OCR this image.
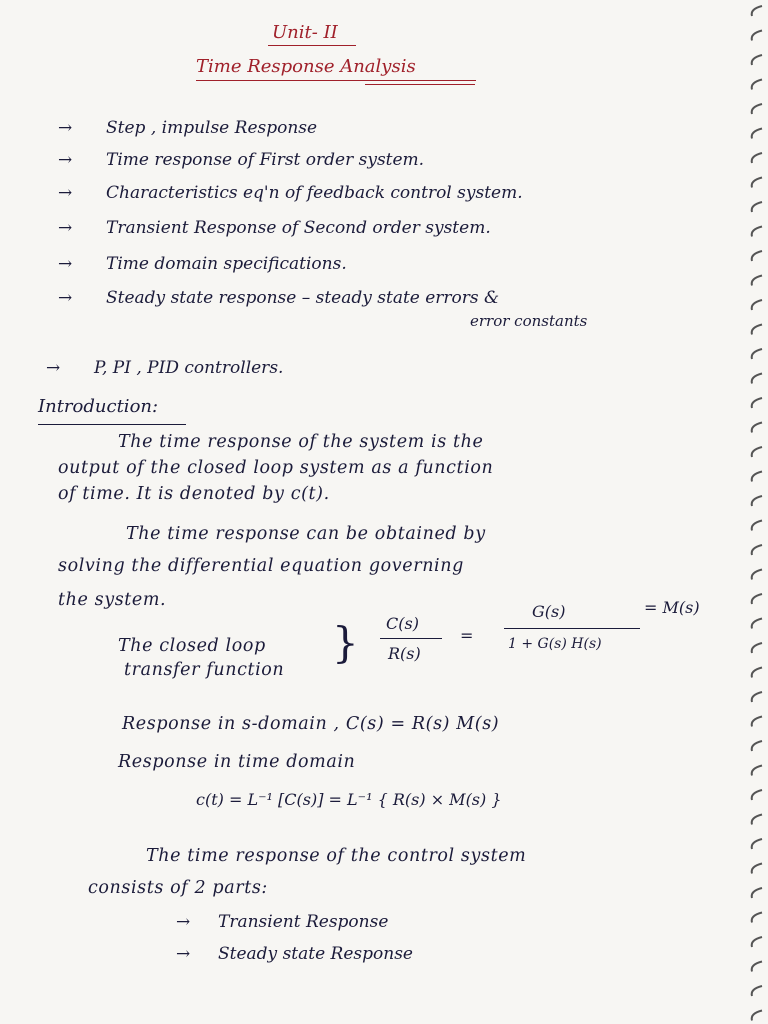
Unit- II
Time Response Analysis
→ Step , impulse Response
→ Time response of First order system.
→ Characteristics eq'n of feedback control system.
→ Transient Response of Second order system.
→ Time domain specifications.
→ Steady state response – steady state errors &
error constants
→ P, PI , PID controllers.
Introduction:
The time response of the system is the
output of the closed loop system as a function
of time. It is denoted by c(t).
The time response can be obtained by
solving the differential equation governing
the system.
The closed loop
transfer function
} C(s)
R(s)
=
G(s)
1 + G(s) H(s)
= M(s)
Response in s-domain , C(s) = R(s) M(s)
Response in time domain
c(t) = L⁻¹ [C(s)] = L⁻¹ { R(s) × M(s) }
The time response of the control system
consists of 2 parts:
→ Transient Response
→ Steady state Response
